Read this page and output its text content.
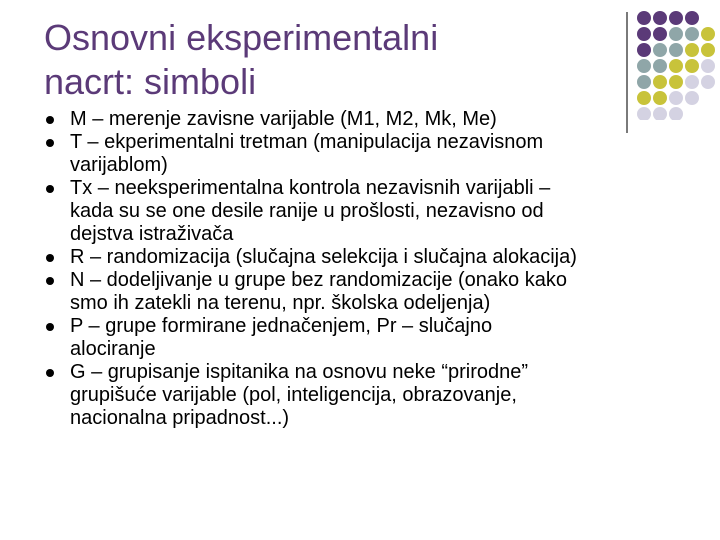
Osnovni eksperimentalni
nacrt: simboli
M – merenje zavisne varijable (M1, M2, Mk, Me)
T – ekperimentalni tretman (manipulacija nezavisnom
varijablom)
Tx – neeksperimentalna kontrola nezavisnih varijabli –
kada su se one desile ranije u prošlosti, nezavisno od
dejstva istraživača
R – randomizacija (slučajna selekcija i slučajna alokacija)
N – dodeljivanje u grupe bez randomizacije (onako kako
smo ih zatekli na terenu, npr. školska odeljenja)
P – grupe formirane jednačenjem, Pr – slučajno
alociranje
G – grupisanje ispitanika na osnovu neke “prirodne”
grupišuće varijable (pol, inteligencija, obrazovanje,
nacionalna pripadnost...)
